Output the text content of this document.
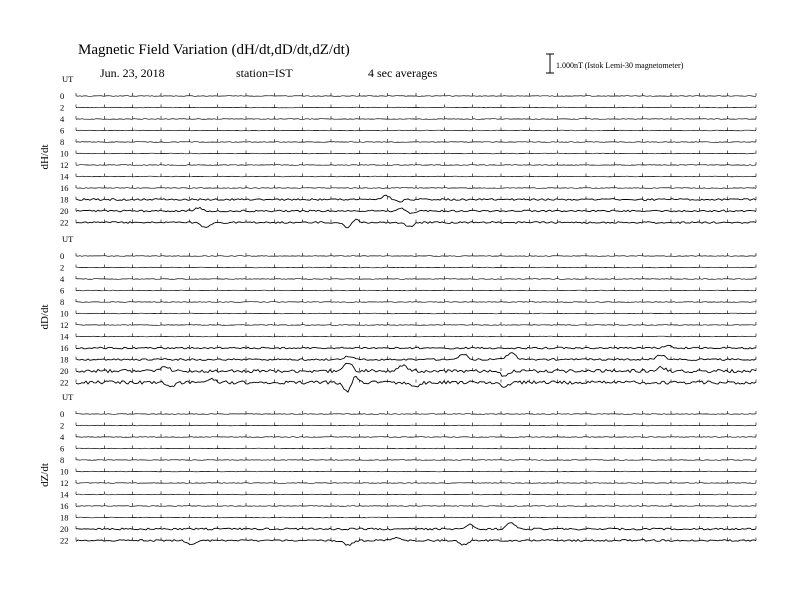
Magnetic Field Variation (dH/dt,dD/dt,dZ/dt)
Jun. 23, 2018	station=IST	4 sec averages
1.000nT (Istok Lemi-30 magnetometer)
UT
dH/dt
0
2
4
6
8
10
12
14
16
18
20
22
UT
dD/dt
0
2
4
6
8
10
12
14
16
18
20
22
UT
dZ/dt
0
2
4
6
8
10
12
14
16
18
20
22
